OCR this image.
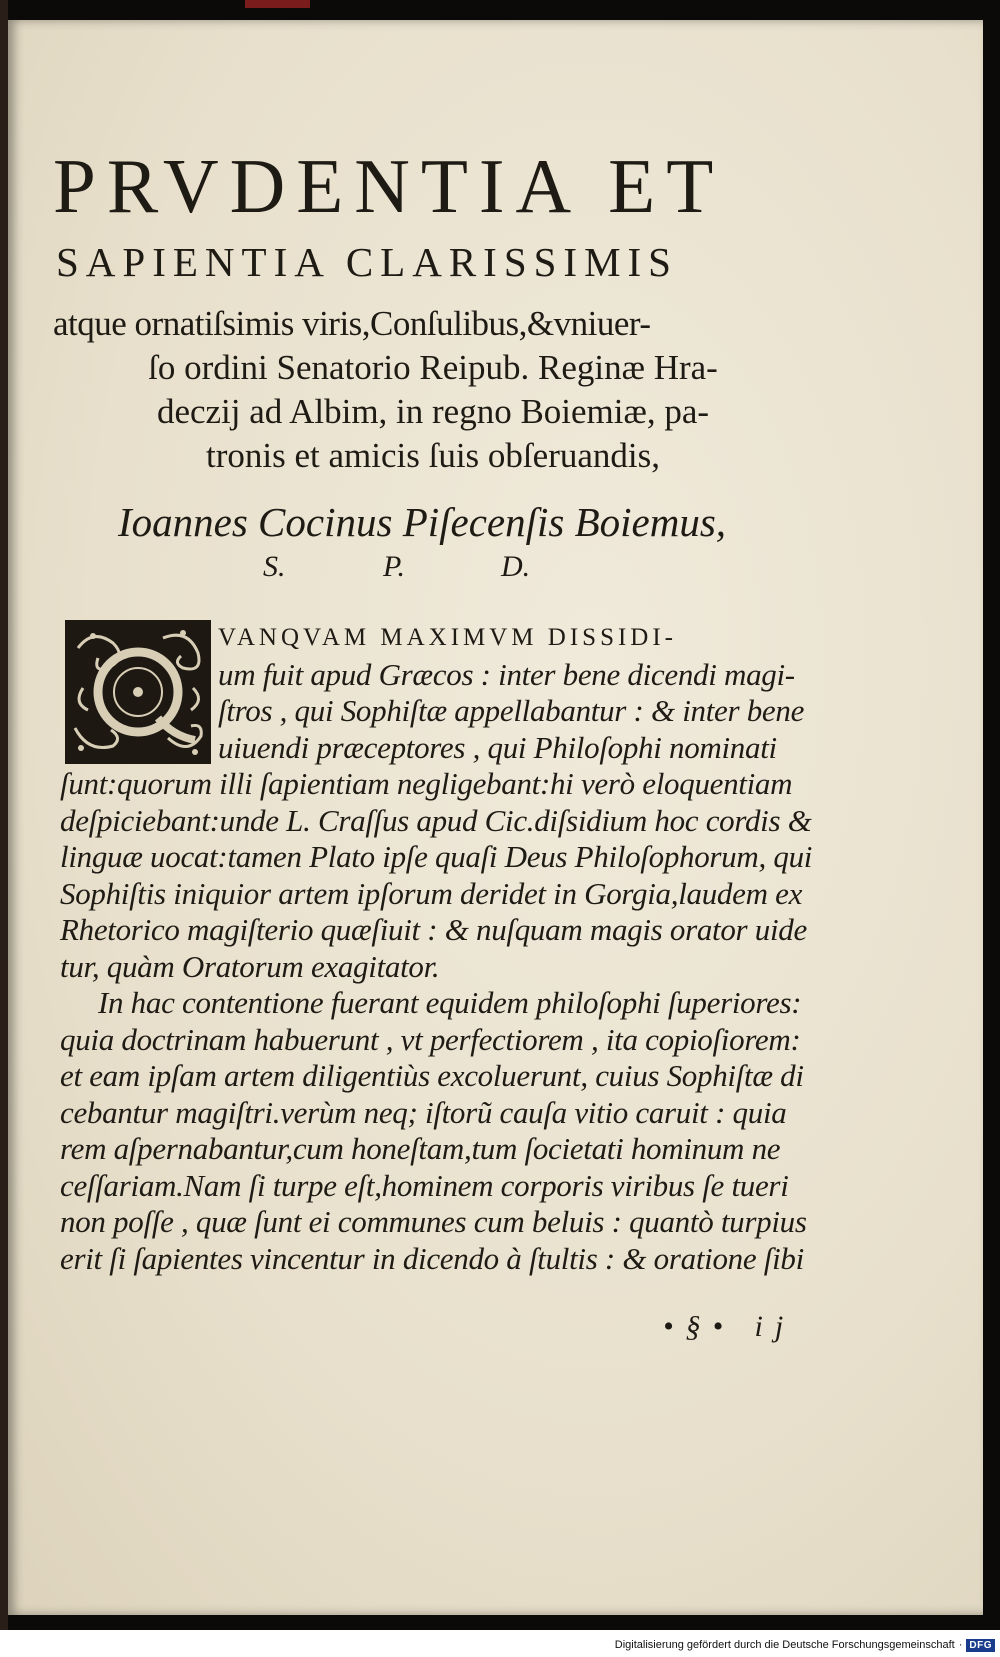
PRVDENTIA ET
SAPIENTIA CLARISSIMIS
atque ornatiſsimis viris,Conſulibus,&vniuer-
ſo ordini Senatorio Reipub. Reginæ Hra-
deczij ad Albim, in regno Boiemiæ, pa-
tronis et amicis ſuis obſeruandis,
Ioannes Cocinus Piſecenſis Boiemus,
S.	P.	D.
VANQVAM MAXIMVM DISSIDI-
um fuit apud Græcos : inter bene dicendi magi-
ſtros , qui Sophiſtæ appellabantur : & inter bene
uiuendi præceptores , qui Philoſophi nominati
ſunt:quorum illi ſapientiam negligebant:hi verò eloquentiam
deſpiciebant:unde L. Craſſus apud Cic.diſsidium hoc cordis &
linguæ uocat:tamen Plato ipſe quaſi Deus Philoſophorum, qui
Sophiſtis iniquior artem ipſorum deridet in Gorgia,laudem ex
Rhetorico magiſterio quæſiuit : & nuſquam magis orator uide
tur, quàm Oratorum exagitator.
In hac contentione fuerant equidem philoſophi ſuperiores:
quia doctrinam habuerunt , vt perfectiorem , ita copioſiorem:
et eam ipſam artem diligentiùs excoluerunt, cuius Sophiſtæ di
cebantur magiſtri.verùm neq; iſtorũ cauſa vitio caruit : quia
rem aſpernabantur,cum honeſtam,tum ſocietati hominum ne
ceſſariam.Nam ſi turpe eſt,hominem corporis viribus ſe tueri
non poſſe , quæ ſunt ei communes cum beluis : quantò turpius
erit ſi ſapientes vincentur in dicendo à ſtultis : & oratione ſibi
•§• ij
Digitalisierung gefördert durch die Deutsche Forschungsgemeinschaft · DFG
